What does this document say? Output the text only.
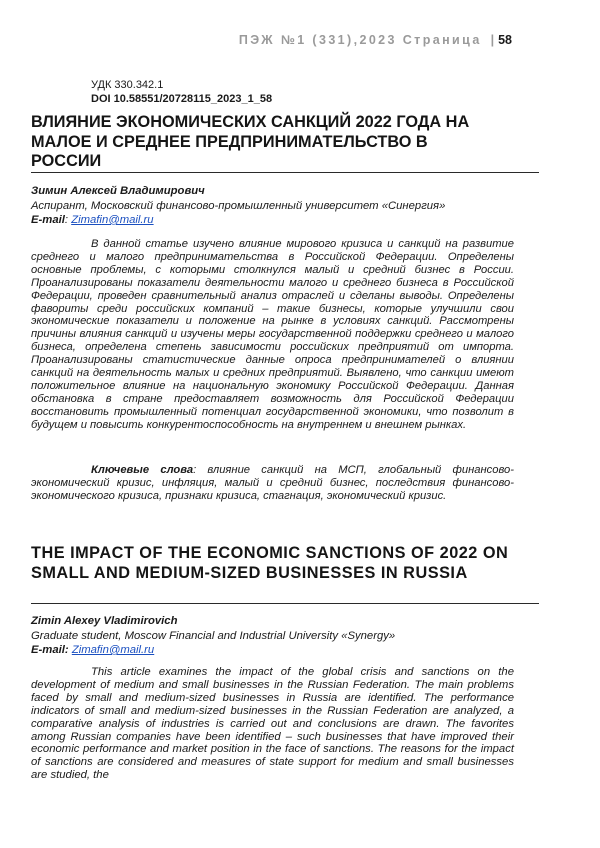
ПЭЖ №1 (331),2023 Страница | 58
УДК 330.342.1
DOI 10.58551/20728115_2023_1_58
ВЛИЯНИЕ ЭКОНОМИЧЕСКИХ САНКЦИЙ 2022 ГОДА НА МАЛОЕ И СРЕДНЕЕ ПРЕДПРИНИМАТЕЛЬСТВО В РОССИИ
Зимин Алексей Владимирович
Аспирант, Московский финансово-промышленный университет «Синергия»
E-mail: Zimafin@mail.ru

В данной статье изучено влияние мирового кризиса и санкций на развитие среднего и малого предпринимательства в Российской Федерации. Определены основные проблемы, с которыми столкнулся малый и средний бизнес в России. Проанализированы показатели деятельности малого и среднего бизнеса в Российской Федерации, проведен сравнительный анализ отраслей и сделаны выводы. Определены фавориты среди российских компаний – такие бизнесы, которые улучшили свои экономические показатели и положение на рынке в условиях санкций. Рассмотрены причины влияния санкций и изучены меры государственной поддержки среднего и малого бизнеса, определена степень зависимости российских предприятий от импорта. Проанализированы статистические данные опроса предпринимателей о влиянии санкций на деятельность малых и средних предприятий. Выявлено, что санкции имеют положительное влияние на национальную экономику Российской Федерации. Данная обстановка в стране предоставляет возможность для Российской Федерации восстановить промышленный потенциал государственной экономики, что позволит в будущем и повысить конкурентоспособность на внутреннем и внешнем рынках.

Ключевые слова: влияние санкций на МСП, глобальный финансово-экономический кризис, инфляция, малый и средний бизнес, последствия финансово-экономического кризиса, признаки кризиса, стагнация, экономический кризис.

THE IMPACT OF THE ECONOMIC SANCTIONS OF 2022 ON SMALL AND MEDIUM-SIZED BUSINESSES IN RUSSIA
Zimin Alexey Vladimirovich
Graduate student, Moscow Financial and Industrial University «Synergy»
E-mail: Zimafin@mail.ru

This article examines the impact of the global crisis and sanctions on the development of medium and small businesses in the Russian Federation. The main problems faced by small and medium-sized businesses in Russia are identified. The performance indicators of small and medium-sized businesses in the Russian Federation are analyzed, a comparative analysis of industries is carried out and conclusions are drawn. The favorites among Russian companies have been identified – such businesses that have improved their economic performance and market position in the face of sanctions. The reasons for the impact of sanctions are considered and measures of state support for medium and small businesses are studied, the
